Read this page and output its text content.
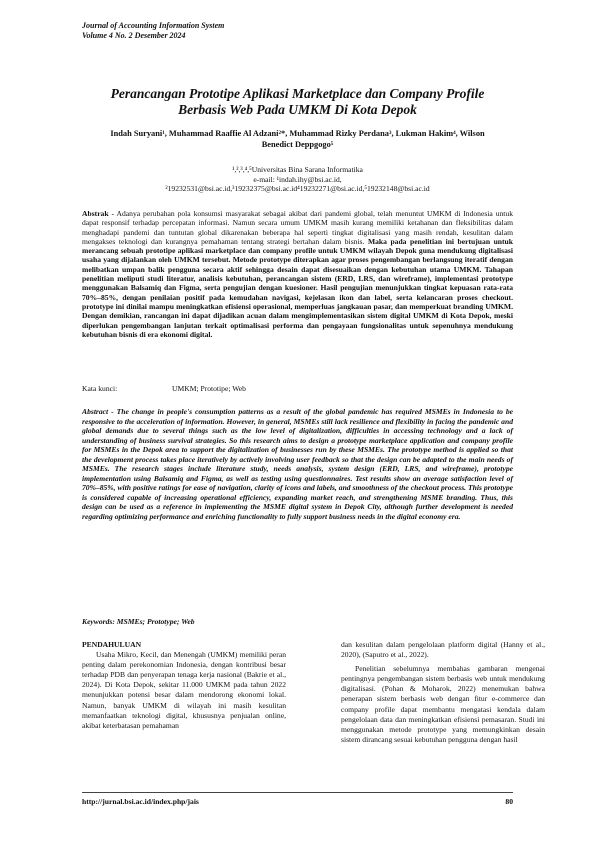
Journal of Accounting Information System
Volume 4 No. 2 Desember 2024
Perancangan Prototipe Aplikasi Marketplace dan Company Profile
Berbasis Web Pada UMKM Di Kota Depok
Indah Suryani¹, Muhammad Raaffie Al Adzani²*, Muhammad Rizky Perdana³, Lukman Hakim⁴, Wilson
Benedict Deppgogo⁵
¹,²,³,⁴,⁵Universitas Bina Sarana Informatika
e-mail: ¹indah.ihy@bsi.ac.id,
²19232531@bsi.ac.id,³19232375@bsi.ac.id⁴19232271@bsi.ac.id,⁵19232148@bsi.ac.id
Abstrak - Adanya perubahan pola konsumsi masyarakat sebagai akibat dari pandemi global, telah menuntut UMKM di Indonesia untuk dapat responsif terhadap percepatan informasi. Namun secara umum UMKM masih kurang memiliki ketahanan dan fleksibilitas dalam menghadapi pandemi dan tuntutan global dikarenakan beberapa hal seperti tingkat digitalisasi yang masih rendah, kesulitan dalam mengakses teknologi dan kurangnya pemahaman tentang strategi bertahan dalam bisnis. Maka pada penelitian ini bertujuan untuk merancang sebuah prototipe aplikasi marketplace dan company profile untuk UMKM wilayah Depok guna mendukung digitalisasi usaha yang dijalankan oleh UMKM tersebut. Metode prototype diterapkan agar proses pengembangan berlangsung iteratif dengan melibatkan umpan balik pengguna secara aktif sehingga desain dapat disesuaikan dengan kebutuhan utama UMKM. Tahapan penelitian meliputi studi literatur, analisis kebutuhan, perancangan sistem (ERD, LRS, dan wireframe), implementasi prototype menggunakan Balsamiq dan Figma, serta pengujian dengan kuesioner. Hasil pengujian menunjukkan tingkat kepuasan rata-rata 70%–85%, dengan penilaian positif pada kemudahan navigasi, kejelasan ikon dan label, serta kelancaran proses checkout. prototype ini dinilai mampu meningkatkan efisiensi operasional, memperluas jangkauan pasar, dan memperkuat branding UMKM. Dengan demikian, rancangan ini dapat dijadikan acuan dalam mengimplementasikan sistem digital UMKM di Kota Depok, meski diperlukan pengembangan lanjutan terkait optimalisasi performa dan pengayaan fungsionalitas untuk sepenuhnya mendukung kebutuhan bisnis di era ekonomi digital.
Kata kunci:	UMKM; Prototipe; Web
Abstract - The change in people's consumption patterns as a result of the global pandemic has required MSMEs in Indonesia to be responsive to the acceleration of information. However, in general, MSMEs still lack resilience and flexibility in facing the pandemic and global demands due to several things such as the low level of digitalization, difficulties in accessing technology and a lack of understanding of business survival strategies. So this research aims to design a prototype marketplace application and company profile for MSMEs in the Depok area to support the digitalization of businesses run by these MSMEs. The prototype method is applied so that the development process takes place iteratively by actively involving user feedback so that the design can be adapted to the main needs of MSMEs. The research stages include literature study, needs analysis, system design (ERD, LRS, and wireframe), prototype implementation using Balsamiq and Figma, as well as testing using questionnaires. Test results show an average satisfaction level of 70%–85%, with positive ratings for ease of navigation, clarity of icons and labels, and smoothness of the checkout process. This prototype is considered capable of increasing operational efficiency, expanding market reach, and strengthening MSME branding. Thus, this design can be used as a reference in implementing the MSME digital system in Depok City, although further development is needed regarding optimizing performance and enriching functionality to fully support business needs in the digital economy era.
Keywords: MSMEs; Prototype; Web

PENDAHULUAN

Usaha Mikro, Kecil, dan Menengah (UMKM) memiliki peran penting dalam perekonomian Indonesia, dengan kontribusi besar terhadap PDB dan penyerapan tenaga kerja nasional (Bakrie et al., 2024). Di Kota Depok, sekitar 11.000 UMKM pada tahun 2022 menunjukkan potensi besar dalam mendorong ekonomi lokal. Namun, banyak UMKM di wilayah ini masih kesulitan memanfaatkan teknologi digital, khususnya penjualan online, akibat keterbatasan pemahaman

dan kesulitan dalam pengelolaan platform digital (Hanny et al., 2020), (Saputro et al., 2022).

Penelitian sebelumnya membahas gambaran mengenai pentingnya pengembangan sistem berbasis web untuk mendukung digitalisasi. (Pohan & Moharok, 2022) menemukan bahwa penerapan sistem berbasis web dengan fitur e-commerce dan company profile dapat membantu mengatasi kendala dalam pengelolaan data dan meningkatkan efisiensi pemasaran. Studi ini menggunakan metode prototype yang memungkinkan desain sistem dirancang sesuai kebutuhan pengguna dengan hasil

http://jurnal.bsi.ac.id/index.php/jais	80
